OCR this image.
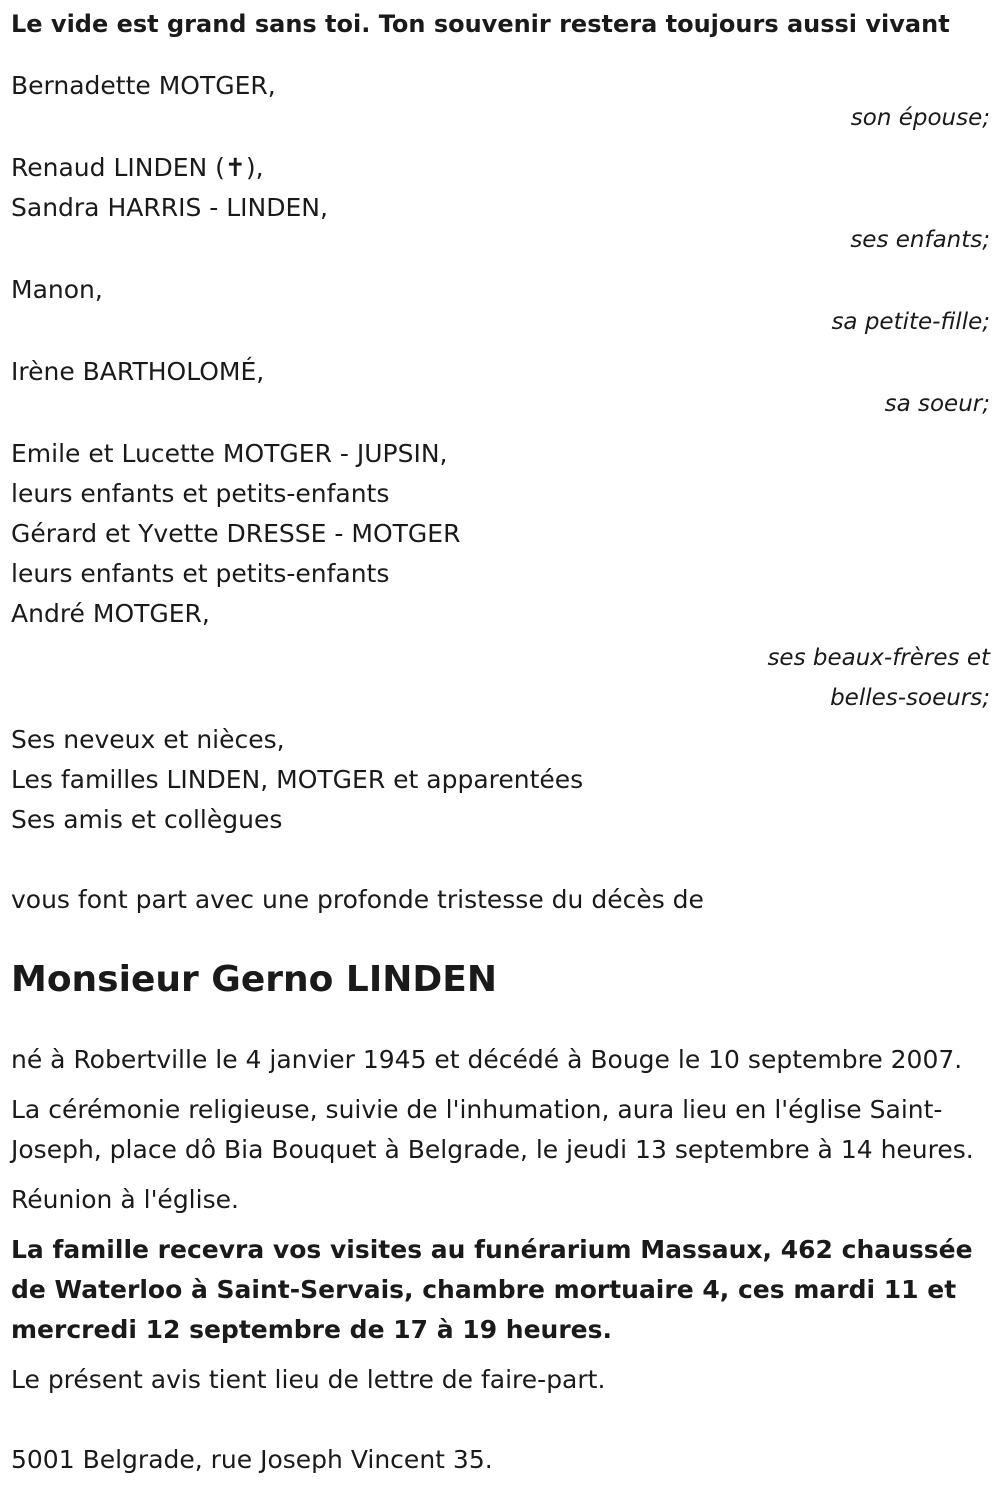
Le vide est grand sans toi. Ton souvenir restera toujours aussi vivant
Bernadette MOTGER,
son épouse;
Renaud LINDEN (✝),
Sandra HARRIS - LINDEN,
ses enfants;
Manon,
sa petite-fille;
Irène BARTHOLOMÉ,
sa soeur;
Emile et Lucette MOTGER - JUPSIN,
leurs enfants et petits-enfants
Gérard et Yvette DRESSE - MOTGER
leurs enfants et petits-enfants
André MOTGER,
ses beaux-frères et
belles-soeurs;
Ses neveux et nièces,
Les familles LINDEN, MOTGER et apparentées
Ses amis et collègues
vous font part avec une profonde tristesse du décès de
Monsieur Gerno LINDEN
né à Robertville le 4 janvier 1945 et décédé à Bouge le 10 septembre 2007.
La cérémonie religieuse, suivie de l'inhumation, aura lieu en l'église Saint-Joseph, place dô Bia Bouquet à Belgrade, le jeudi 13 septembre à 14 heures.
Réunion à l'église.
La famille recevra vos visites au funérarium Massaux, 462 chaussée de Waterloo à Saint-Servais, chambre mortuaire 4, ces mardi 11 et mercredi 12 septembre de 17 à 19 heures.
Le présent avis tient lieu de lettre de faire-part.
5001 Belgrade, rue Joseph Vincent 35.
